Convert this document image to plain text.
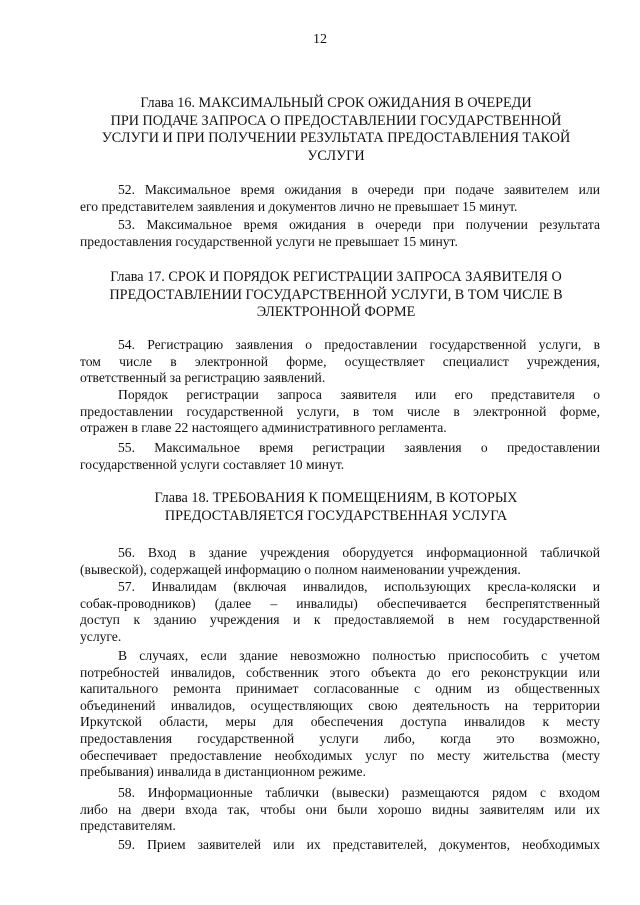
12
Глава 16. МАКСИМАЛЬНЫЙ СРОК ОЖИДАНИЯ В ОЧЕРЕДИ
ПРИ ПОДАЧЕ ЗАПРОСА О ПРЕДОСТАВЛЕНИИ ГОСУДАРСТВЕННОЙ
УСЛУГИ И ПРИ ПОЛУЧЕНИИ РЕЗУЛЬТАТА ПРЕДОСТАВЛЕНИЯ ТАКОЙ
УСЛУГИ

52. Максимальное время ожидания в очереди при подаче заявителем или
его представителем заявления и документов лично не превышает 15 минут.

53. Максимальное время ожидания в очереди при получении результата
предоставления государственной услуги не превышает 15 минут.

Глава 17. СРОК И ПОРЯДОК РЕГИСТРАЦИИ ЗАПРОСА ЗАЯВИТЕЛЯ О
ПРЕДОСТАВЛЕНИИ ГОСУДАРСТВЕННОЙ УСЛУГИ, В ТОМ ЧИСЛЕ В
ЭЛЕКТРОННОЙ ФОРМЕ

54. Регистрацию заявления о предоставлении государственной услуги, в
том числе в электронной форме, осуществляет специалист учреждения,
ответственный за регистрацию заявлений.

Порядок регистрации запроса заявителя или его представителя о
предоставлении государственной услуги, в том числе в электронной форме,
отражен в главе 22 настоящего административного регламента.

55. Максимальное время регистрации заявления о предоставлении
государственной услуги составляет 10 минут.

Глава 18. ТРЕБОВАНИЯ К ПОМЕЩЕНИЯМ, В КОТОРЫХ
ПРЕДОСТАВЛЯЕТСЯ ГОСУДАРСТВЕННАЯ УСЛУГА

56. Вход в здание учреждения оборудуется информационной табличкой
(вывеской), содержащей информацию о полном наименовании учреждения.

57. Инвалидам (включая инвалидов, использующих кресла-коляски и
собак-проводников) (далее – инвалиды) обеспечивается беспрепятственный
доступ к зданию учреждения и к предоставляемой в нем государственной
услуге.

В случаях, если здание невозможно полностью приспособить с учетом
потребностей инвалидов, собственник этого объекта до его реконструкции или
капитального ремонта принимает согласованные с одним из общественных
объединений инвалидов, осуществляющих свою деятельность на территории
Иркутской области, меры для обеспечения доступа инвалидов к месту
предоставления государственной услуги либо, когда это возможно,
обеспечивает предоставление необходимых услуг по месту жительства (месту
пребывания) инвалида в дистанционном режиме.

58. Информационные таблички (вывески) размещаются рядом с входом
либо на двери входа так, чтобы они были хорошо видны заявителям или их
представителям.

59. Прием заявителей или их представителей, документов, необходимых
